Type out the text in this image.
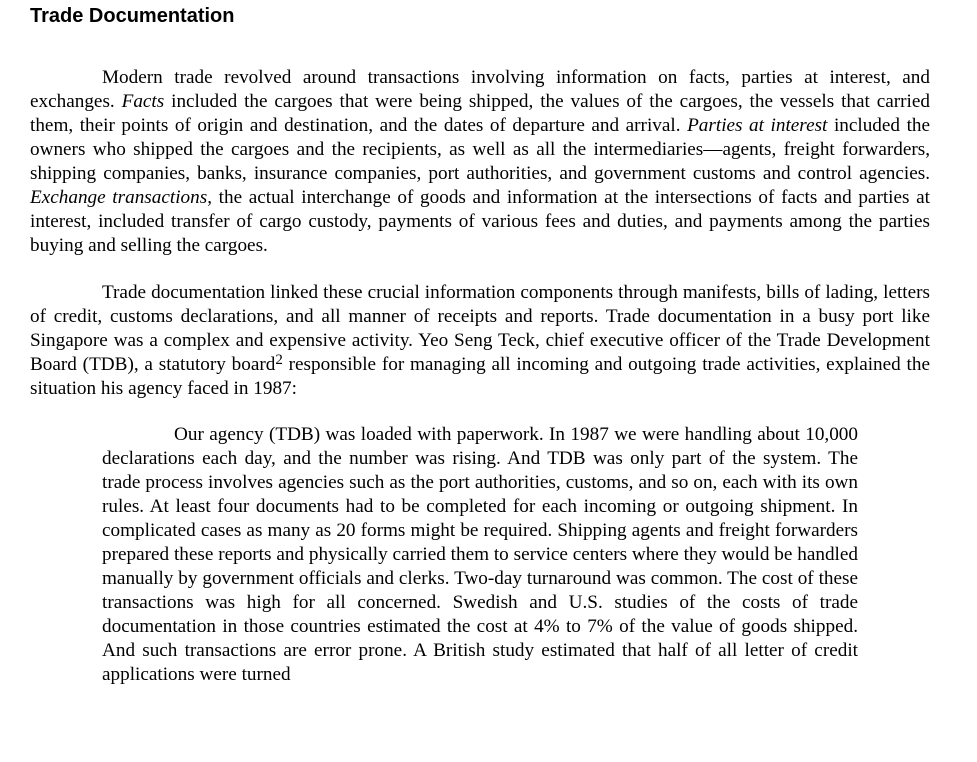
Trade Documentation

Modern trade revolved around transactions involving information on facts, parties at interest, and exchanges. Facts included the cargoes that were being shipped, the values of the cargoes, the vessels that carried them, their points of origin and destination, and the dates of departure and arrival. Parties at interest included the owners who shipped the cargoes and the recipients, as well as all the intermediaries—agents, freight forwarders, shipping companies, banks, insurance companies, port authorities, and government customs and control agencies. Exchange transactions, the actual interchange of goods and information at the intersections of facts and parties at interest, included transfer of cargo custody, payments of various fees and duties, and payments among the parties buying and selling the cargoes.

Trade documentation linked these crucial information components through manifests, bills of lading, letters of credit, customs declarations, and all manner of receipts and reports. Trade documentation in a busy port like Singapore was a complex and expensive activity. Yeo Seng Teck, chief executive officer of the Trade Development Board (TDB), a statutory board$^2$ responsible for managing all incoming and outgoing trade activities, explained the situation his agency faced in 1987:

Our agency (TDB) was loaded with paperwork. In 1987 we were handling about 10,000 declarations each day, and the number was rising. And TDB was only part of the system. The trade process involves agencies such as the port authorities, customs, and so on, each with its own rules. At least four documents had to be completed for each incoming or outgoing shipment. In complicated cases as many as 20 forms might be required. Shipping agents and freight forwarders prepared these reports and physically carried them to service centers where they would be handled manually by government officials and clerks. Two-day turnaround was common. The cost of these transactions was high for all concerned. Swedish and U.S. studies of the costs of trade documentation in those countries estimated the cost at 4% to 7% of the value of goods shipped. And such transactions are error prone. A British study estimated that half of all letter of credit applications were turned
